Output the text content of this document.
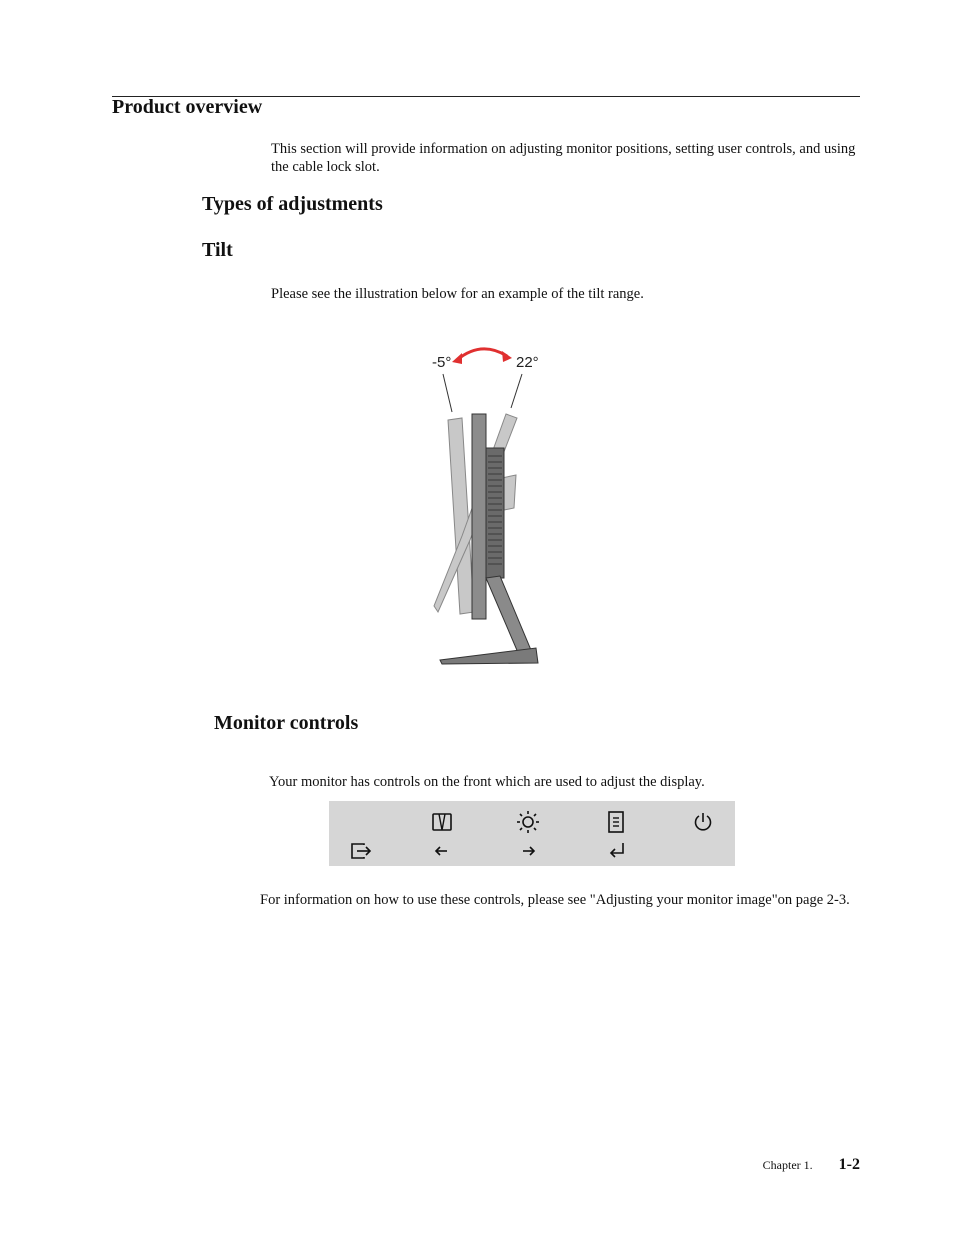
Product overview

This section will provide information on adjusting monitor positions, setting user controls, and using the cable lock slot.

Types of adjustments
Tilt

Please see the illustration below for an example of the tilt range.

-5°	22°
Monitor controls

Your monitor has controls on the front which are used to adjust the display.

For information on how to use these controls, please see "Adjusting your monitor image"on page 2-3.

Chapter 1. 1-2
